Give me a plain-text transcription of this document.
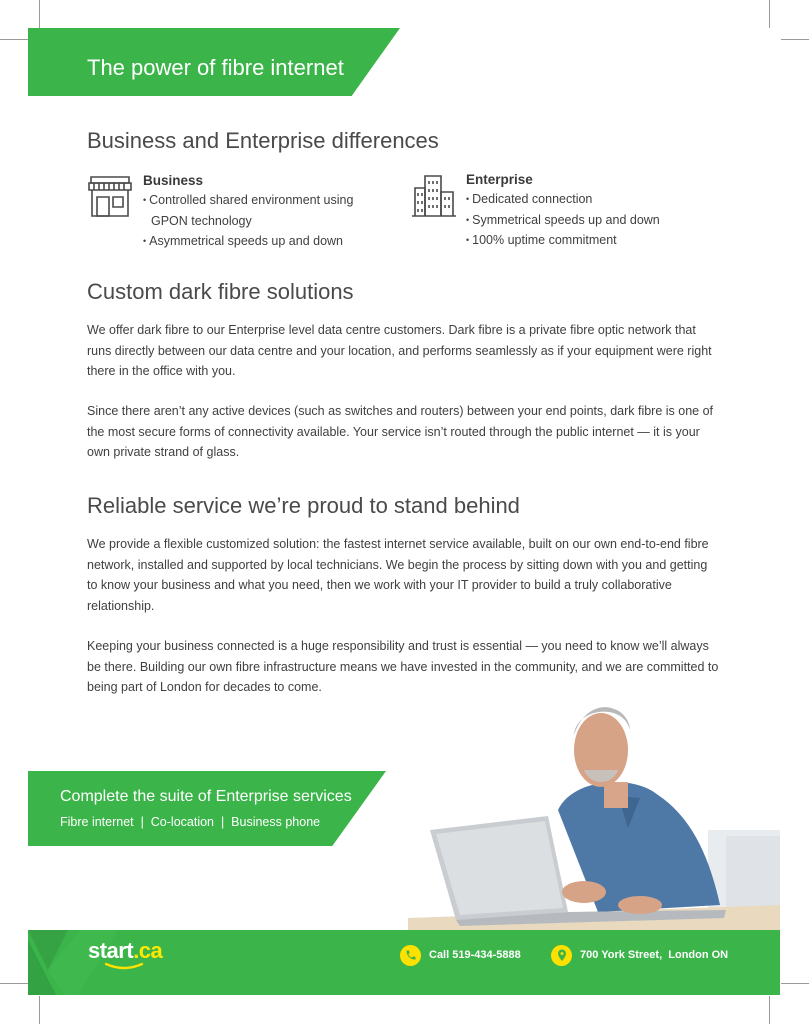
The power of fibre internet
Business and Enterprise differences
Business
• Controlled shared environment using GPON technology
• Asymmetrical speeds up and down
Enterprise
• Dedicated connection
• Symmetrical speeds up and down
• 100% uptime commitment
Custom dark fibre solutions

We offer dark fibre to our Enterprise level data centre customers. Dark fibre is a private fibre optic network that runs directly between our data centre and your location, and performs seamlessly as if your equipment were right there in the office with you.

Since there aren’t any active devices (such as switches and routers) between your end points, dark fibre is one of the most secure forms of connectivity available. Your service isn’t routed through the public internet — it is your own private strand of glass.

Reliable service we’re proud to stand behind

We provide a flexible customized solution: the fastest internet service available, built on our own end-to-end fibre network, installed and supported by local technicians. We begin the process by sitting down with you and getting to know your business and what you need, then we work with your IT provider to build a truly collaborative relationship.

Keeping your business connected is a huge responsibility and trust is essential — you need to know we’ll always be there. Building our own fibre infrastructure means we have invested in the community, and we are committed to being part of London for decades to come.

Complete the suite of Enterprise services
Fibre internet  |  Co-location  |  Business phone
start.ca	Call 519-434-5888	700 York Street,  London ON
